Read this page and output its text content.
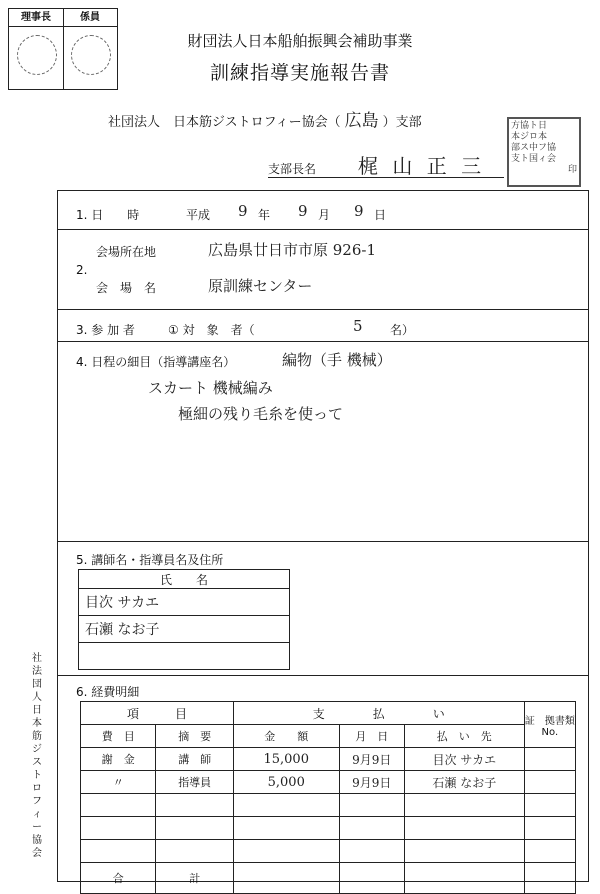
理事長	係員
財団法人日本船舶振興会補助事業
訓練指導実施報告書
社団法人　日本筋ジストロフィー協会（ 広島 ）支部
支部長名 梶 山 正 三
方協ト日
本ジロ本
部ス中フ協
支ト国ィ会
印
1. 日　　時	平成 9 年 9 月 9 日
2.
会場所在地	広島県廿日市市原 926-1
会　場　名	原訓練センター
3. 参 加 者	① 対　象　者（	5 名）
4. 日程の細目（指導講座名）	編物（手 機械）
スカート 機械編み
極細の残り毛糸を使って
5. 講師名・指導員名及住所
氏　　名
目次 サカエ
石瀬 なお子

6. 経費明細
項　　　目		支　　　　払　　　　い			証　拠書類No.
費　目	摘　要	金　　額	月　日	払　い　先	
謝　金	講　師	15,000	9月9日	目次 サカエ	
〃	指導員	5,000	9月9日	石瀬 なお子	

合	計				
社法団人日本筋ジストロフィー協会
